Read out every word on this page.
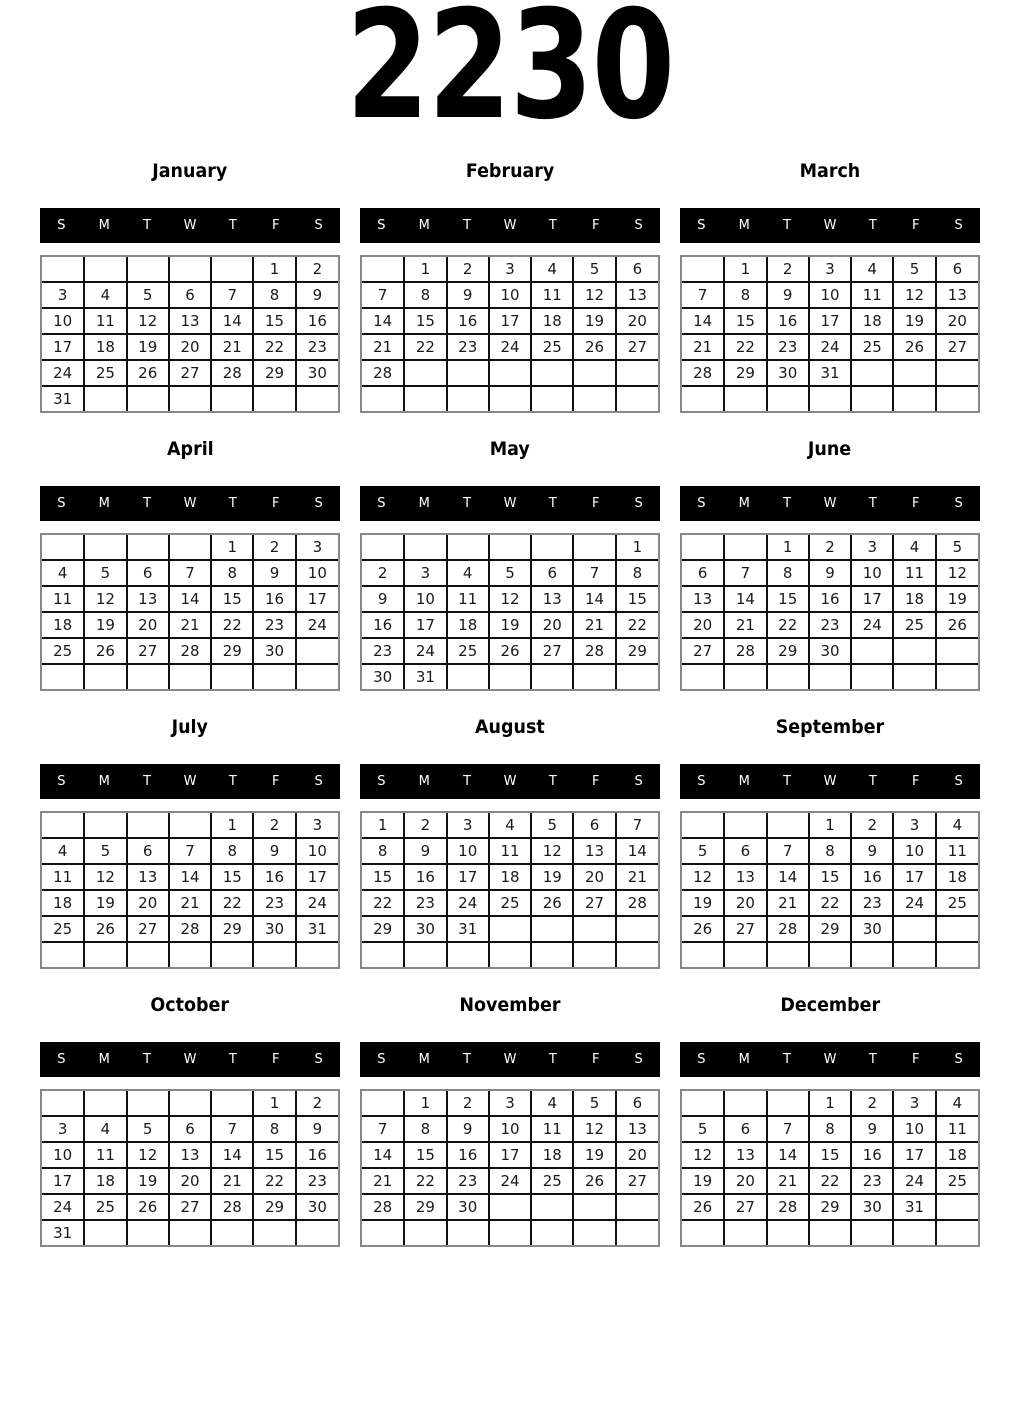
2230
January
S	M	T	W	T	F	S
					1	2
3	4	5	6	7	8	9
10	11	12	13	14	15	16
17	18	19	20	21	22	23
24	25	26	27	28	29	30
31						
February
S	M	T	W	T	F	S
	1	2	3	4	5	6
7	8	9	10	11	12	13
14	15	16	17	18	19	20
21	22	23	24	25	26	27
28						

March
S	M	T	W	T	F	S
	1	2	3	4	5	6
7	8	9	10	11	12	13
14	15	16	17	18	19	20
21	22	23	24	25	26	27
28	29	30	31			

April
S	M	T	W	T	F	S
				1	2	3
4	5	6	7	8	9	10
11	12	13	14	15	16	17
18	19	20	21	22	23	24
25	26	27	28	29	30	

May
S	M	T	W	T	F	S
						1
2	3	4	5	6	7	8
9	10	11	12	13	14	15
16	17	18	19	20	21	22
23	24	25	26	27	28	29
30	31					
June
S	M	T	W	T	F	S
		1	2	3	4	5
6	7	8	9	10	11	12
13	14	15	16	17	18	19
20	21	22	23	24	25	26
27	28	29	30			

July
S	M	T	W	T	F	S
				1	2	3
4	5	6	7	8	9	10
11	12	13	14	15	16	17
18	19	20	21	22	23	24
25	26	27	28	29	30	31

August
S	M	T	W	T	F	S
1	2	3	4	5	6	7
8	9	10	11	12	13	14
15	16	17	18	19	20	21
22	23	24	25	26	27	28
29	30	31				

September
S	M	T	W	T	F	S
			1	2	3	4
5	6	7	8	9	10	11
12	13	14	15	16	17	18
19	20	21	22	23	24	25
26	27	28	29	30		

October
S	M	T	W	T	F	S
					1	2
3	4	5	6	7	8	9
10	11	12	13	14	15	16
17	18	19	20	21	22	23
24	25	26	27	28	29	30
31						
November
S	M	T	W	T	F	S
	1	2	3	4	5	6
7	8	9	10	11	12	13
14	15	16	17	18	19	20
21	22	23	24	25	26	27
28	29	30				

December
S	M	T	W	T	F	S
			1	2	3	4
5	6	7	8	9	10	11
12	13	14	15	16	17	18
19	20	21	22	23	24	25
26	27	28	29	30	31	
